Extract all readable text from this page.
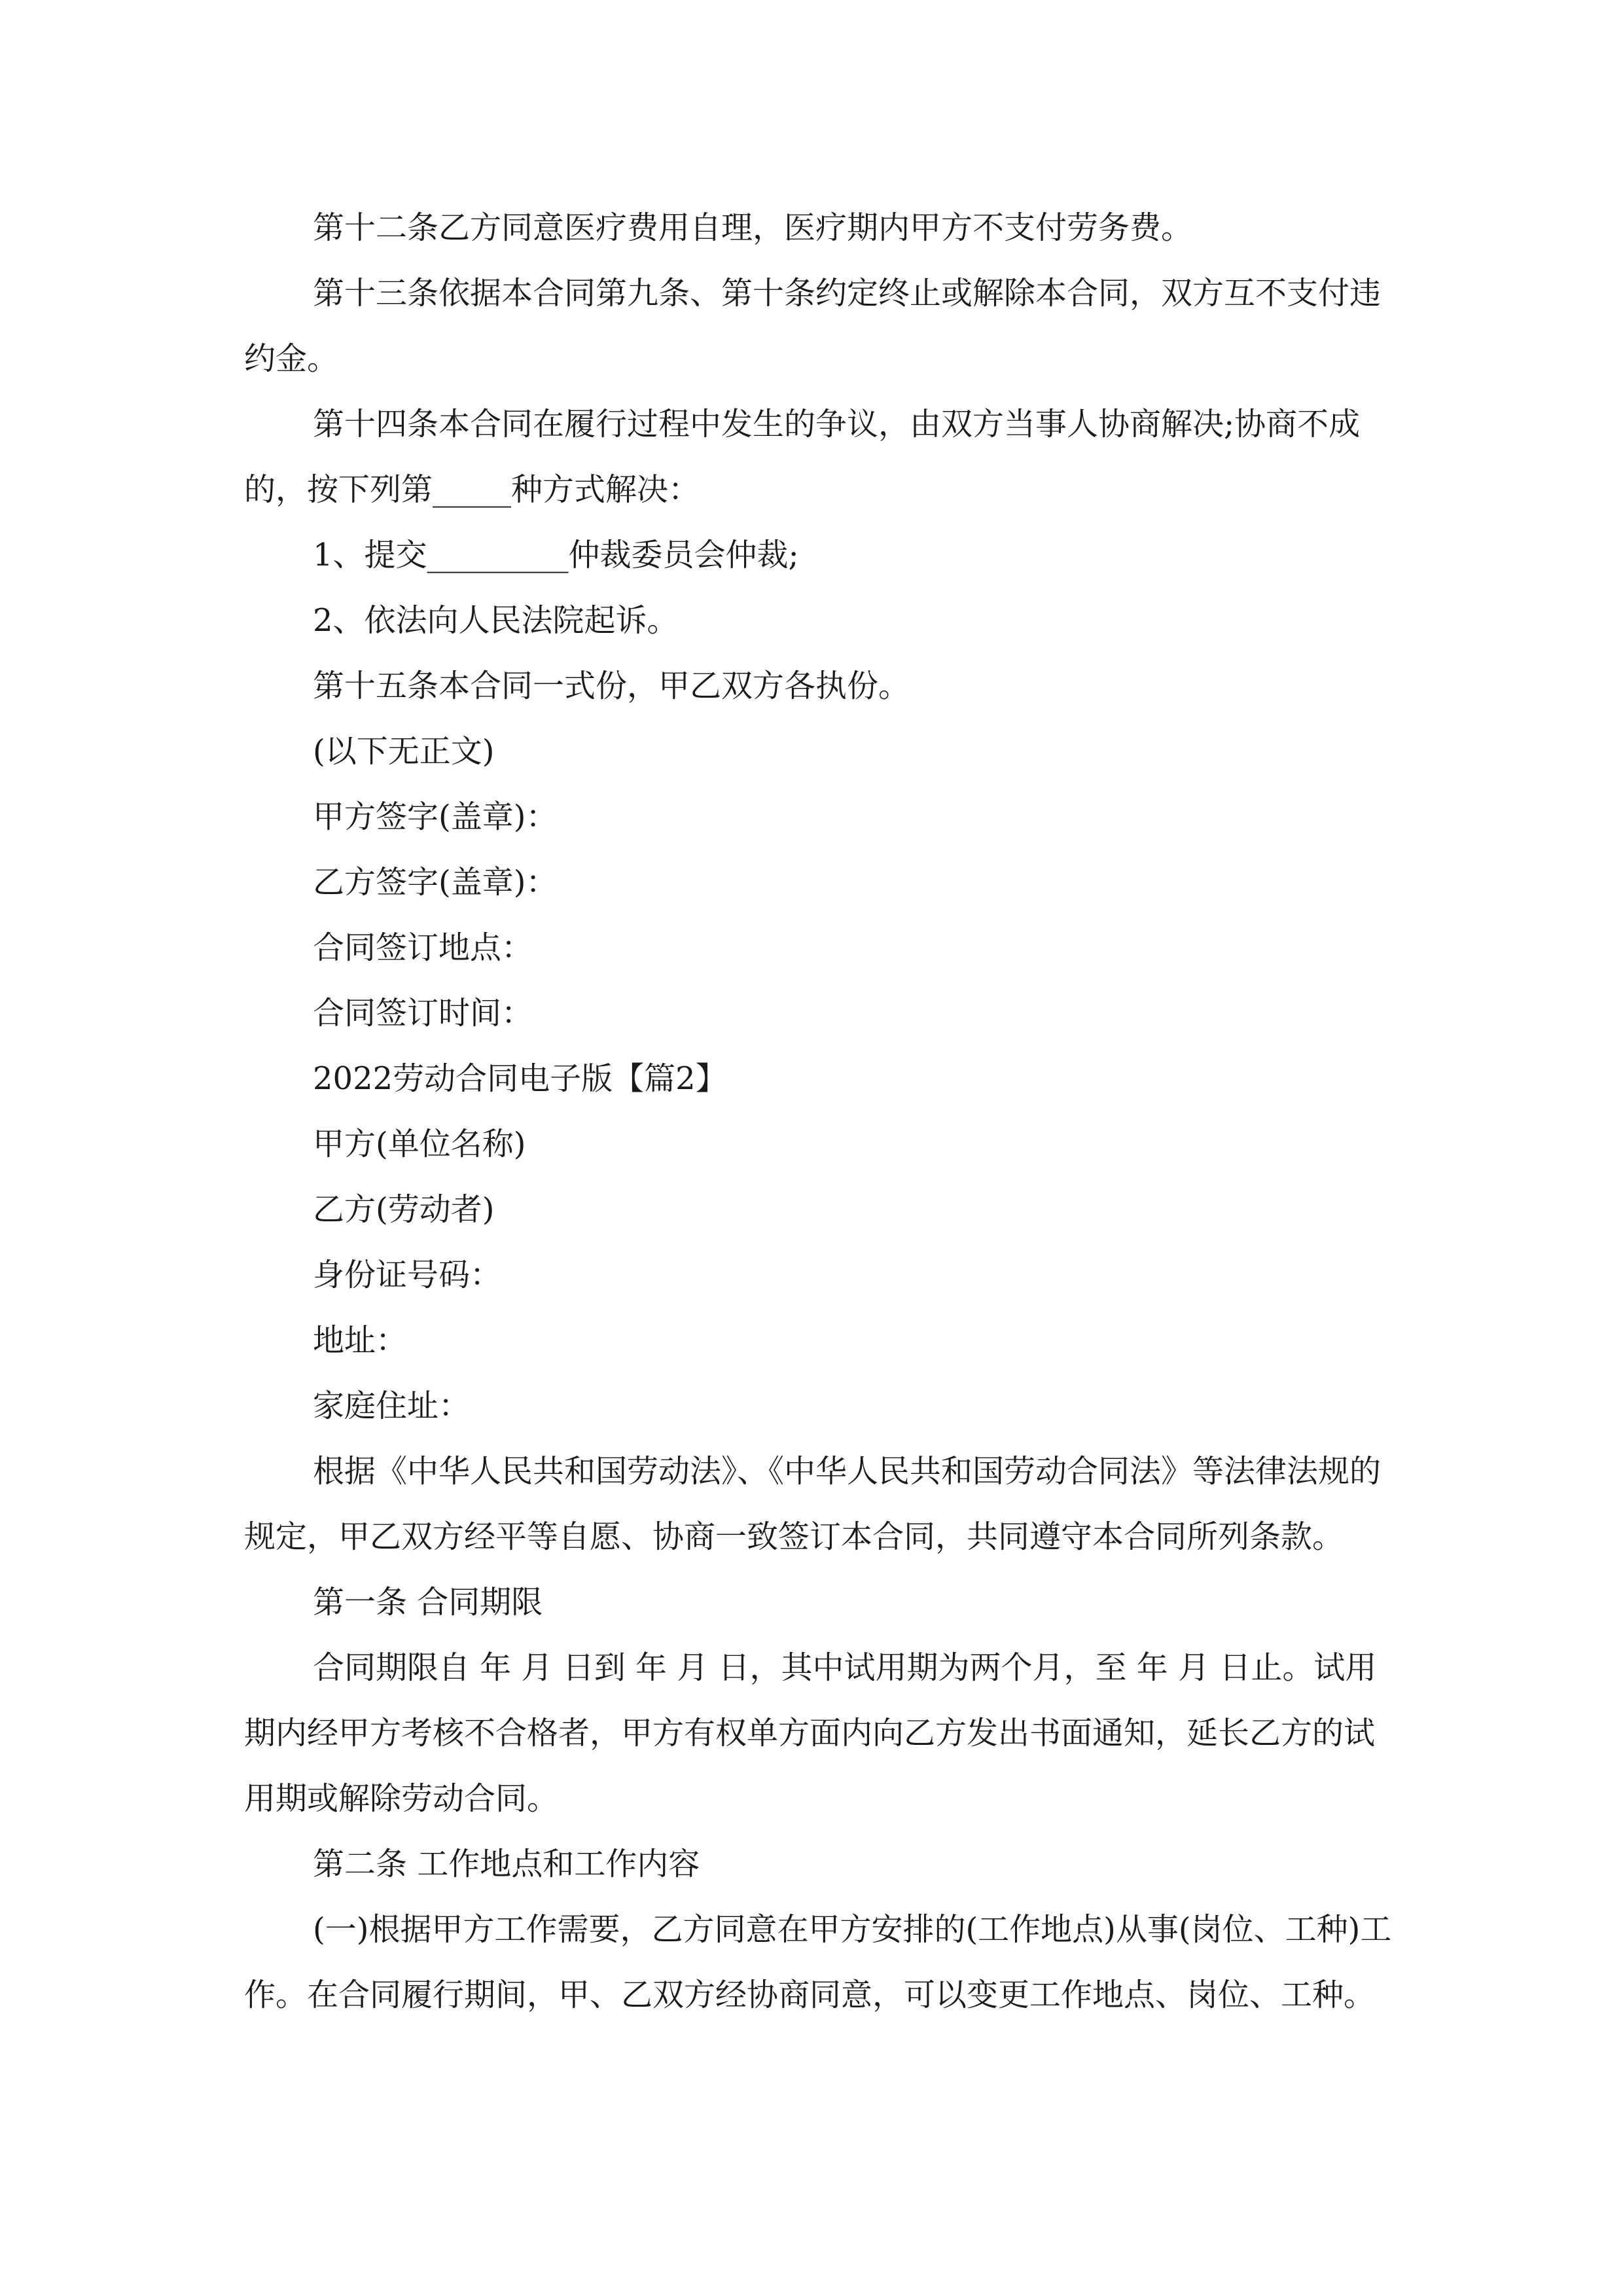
第十二条乙方同意医疗费用自理，医疗期内甲方不支付劳务费。

第十三条依据本合同第九条、第十条约定终止或解除本合同，双方互不支付违约金。

第十四条本合同在履行过程中发生的争议，由双方当事人协商解决;协商不成的，按下列第_____种方式解决：

1、提交_________仲裁委员会仲裁;

2、依法向人民法院起诉。

第十五条本合同一式份，甲乙双方各执份。

(以下无正文)

甲方签字(盖章)：

乙方签字(盖章)：

合同签订地点：

合同签订时间：

2022劳动合同电子版【篇2】

甲方(单位名称)

乙方(劳动者)

身份证号码：

地址：

家庭住址：

根据《中华人民共和国劳动法》、《中华人民共和国劳动合同法》等法律法规的规定，甲乙双方经平等自愿、协商一致签订本合同，共同遵守本合同所列条款。

第一条 合同期限

合同期限自 年 月 日到 年 月 日，其中试用期为两个月，至 年 月 日止。试用期内经甲方考核不合格者，甲方有权单方面内向乙方发出书面通知，延长乙方的试用期或解除劳动合同。

第二条 工作地点和工作内容

(一)根据甲方工作需要，乙方同意在甲方安排的(工作地点)从事(岗位、工种)工作。在合同履行期间，甲、乙双方经协商同意，可以变更工作地点、岗位、工种。
